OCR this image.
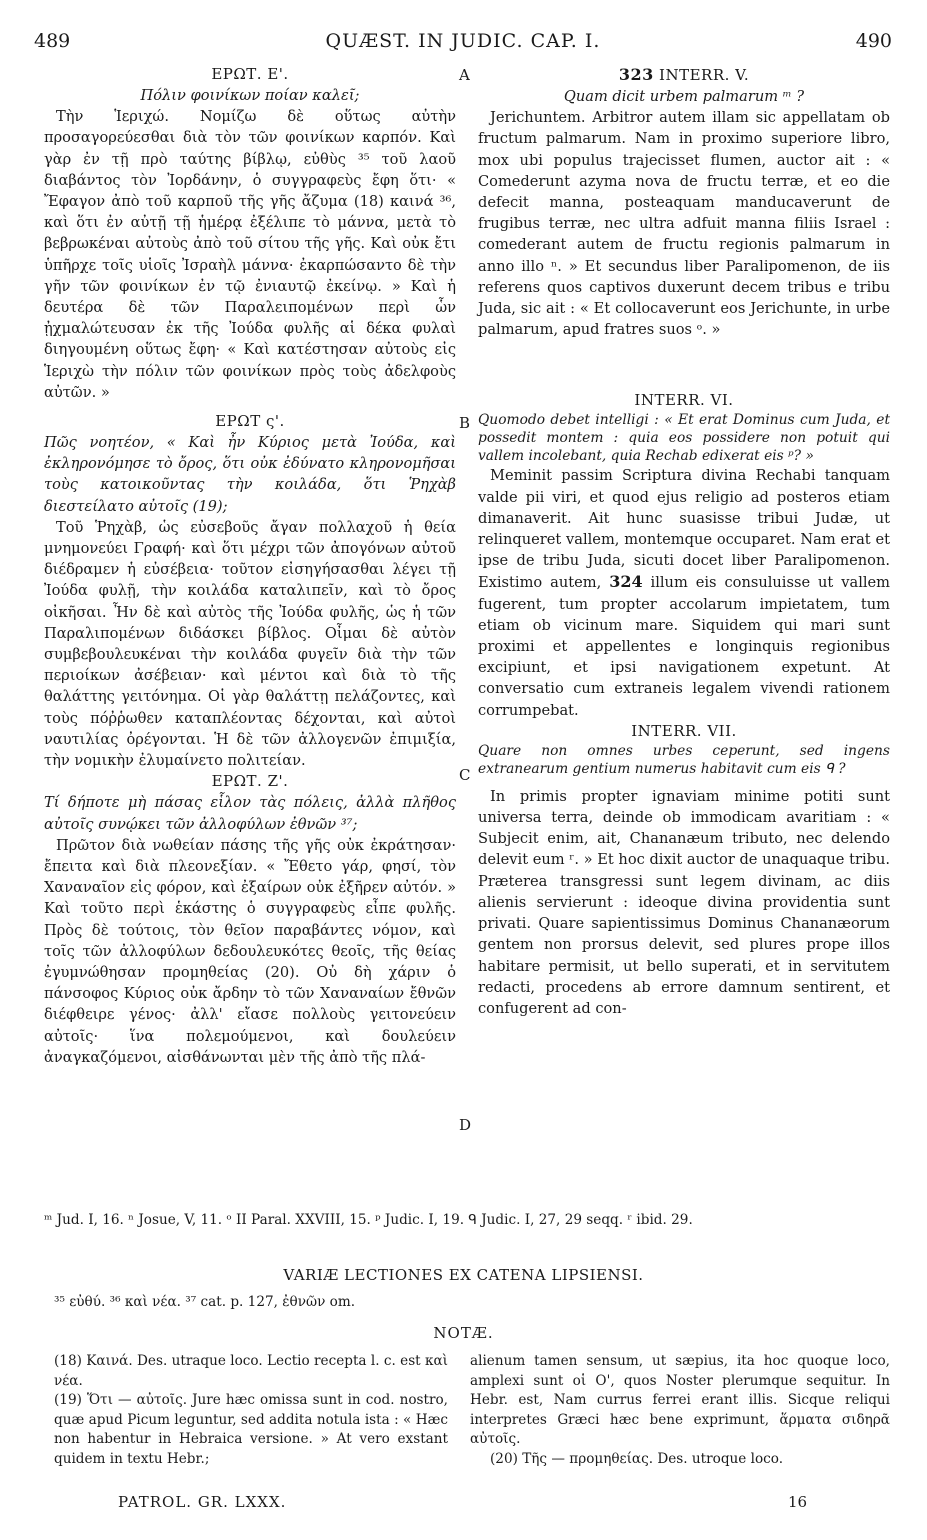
489	QUÆST. IN JUDIC. CAP. I.	490
A
B
C
D
ΕΡΩΤ. Ε'.
Πόλιν φοινίκων ποίαν καλεῖ;

Τὴν Ἱεριχώ. Νομίζω δὲ οὕτως αὐτὴν προσαγορεύεσθαι διὰ τὸν τῶν φοινίκων καρπόν. Καὶ γὰρ ἐν τῇ πρὸ ταύτης βίβλῳ, εὐθὺς ³⁵ τοῦ λαοῦ διαβάντος τὸν Ἰορδάνην, ὁ συγγραφεὺς ἔφη ὅτι· « Ἔφαγον ἀπὸ τοῦ καρποῦ τῆς γῆς ἄζυμα (18) καινά ³⁶, καὶ ὅτι ἐν αὐτῇ τῇ ἡμέρᾳ ἐξέλιπε τὸ μάννα, μετὰ τὸ βεβρωκέναι αὐτοὺς ἀπὸ τοῦ σίτου τῆς γῆς. Καὶ οὐκ ἔτι ὑπῆρχε τοῖς υἱοῖς Ἰσραὴλ μάννα· ἐκαρπώσαντο δὲ τὴν γῆν τῶν φοινίκων ἐν τῷ ἐνιαυτῷ ἐκείνῳ. » Καὶ ἡ δευτέρα δὲ τῶν Παραλειπομένων περὶ ὧν ᾐχμαλώτευσαν ἐκ τῆς Ἰούδα φυλῆς αἱ δέκα φυλαὶ διηγουμένη οὕτως ἔφη· « Καὶ κατέστησαν αὐτοὺς εἰς Ἱεριχὼ τὴν πόλιν τῶν φοινίκων πρὸς τοὺς ἀδελφοὺς αὐτῶν. »

ΕΡΩΤ ς'.
Πῶς νοητέον, « Καὶ ἦν Κύριος μετὰ Ἰούδα, καὶ ἐκληρονόμησε τὸ ὄρος, ὅτι οὐκ ἐδύνατο κληρονομῆσαι τοὺς κατοικοῦντας τὴν κοιλάδα, ὅτι Ῥηχὰβ διεστείλατο αὐτοῖς (19);

Τοῦ Ῥηχὰβ, ὡς εὐσεβοῦς ἄγαν πολλαχοῦ ἡ θεία μνημονεύει Γραφή· καὶ ὅτι μέχρι τῶν ἀπογόνων αὐτοῦ διέδραμεν ἡ εὐσέβεια· τοῦτον εἰσηγήσασθαι λέγει τῇ Ἰούδα φυλῇ, τὴν κοιλάδα καταλιπεῖν, καὶ τὸ ὄρος οἰκῆσαι. Ἦν δὲ καὶ αὐτὸς τῆς Ἰούδα φυλῆς, ὡς ἡ τῶν Παραλιπομένων διδάσκει βίβλος. Οἶμαι δὲ αὐτὸν συμβεβουλευκέναι τὴν κοιλάδα φυγεῖν διὰ τὴν τῶν περιοίκων ἀσέβειαν· καὶ μέντοι καὶ διὰ τὸ τῆς θαλάττης γειτόνημα. Οἱ γὰρ θαλάττῃ πελάζοντες, καὶ τοὺς πόῤῥωθεν καταπλέοντας δέχονται, καὶ αὐτοὶ ναυτιλίας ὀρέγονται. Ἡ δὲ τῶν ἀλλογενῶν ἐπιμιξία, τὴν νομικὴν ἐλυμαίνετο πολιτείαν.

ΕΡΩΤ. Ζ'.
Τί δήποτε μὴ πάσας εἷλον τὰς πόλεις, ἀλλὰ πλῆθος αὐτοῖς συνῴκει τῶν ἀλλοφύλων ἐθνῶν ³⁷;

Πρῶτον διὰ νωθείαν πάσης τῆς γῆς οὐκ ἐκράτησαν· ἔπειτα καὶ διὰ πλεονεξίαν. « Ἔθετο γάρ, φησί, τὸν Χαναναῖον εἰς φόρον, καὶ ἐξαίρων οὐκ ἐξῆρεν αὐτόν. » Καὶ τοῦτο περὶ ἑκάστης ὁ συγγραφεὺς εἶπε φυλῆς. Πρὸς δὲ τούτοις, τὸν θεῖον παραβάντες νόμον, καὶ τοῖς τῶν ἀλλοφύλων δεδουλευκότες θεοῖς, τῆς θείας ἐγυμνώθησαν προμηθείας (20). Οὐ δὴ χάριν ὁ πάνσοφος Κύριος οὐκ ἄρδην τὸ τῶν Χαναναίων ἔθνῶν διέφθειρε γένος· ἀλλ' εἴασε πολλοὺς γειτονεύειν αὐτοῖς· ἵνα πολεμούμενοι, καὶ δουλεύειν ἀναγκαζόμενοι, αἰσθάνωνται μὲν τῆς ἀπὸ τῆς πλά-

323 INTERR. V.
Quam dicit urbem palmarum ᵐ ?

Jerichuntem. Arbitror autem illam sic appellatam ob fructum palmarum. Nam in proximo superiore libro, mox ubi populus trajecisset flumen, auctor ait : « Comederunt azyma nova de fructu terræ, et eo die defecit manna, posteaquam manducaverunt de frugibus terræ, nec ultra adfuit manna filiis Israel : comederant autem de fructu regionis palmarum in anno illo ⁿ. » Et secundus liber Paralipomenon, de iis referens quos captivos duxerunt decem tribus e tribu Juda, sic ait : « Et collocaverunt eos Jerichunte, in urbe palmarum, apud fratres suos ᵒ. »

INTERR. VI.
Quomodo debet intelligi : « Et erat Dominus cum Juda, et possedit montem : quia eos possidere non potuit qui vallem incolebant, quia Rechab edixerat eis ᵖ? »

Meminit passim Scriptura divina Rechabi tanquam valde pii viri, et quod ejus religio ad posteros etiam dimanaverit. Ait hunc suasisse tribui Judæ, ut relinqueret vallem, montemque occuparet. Nam erat et ipse de tribu Juda, sicuti docet liber Paralipomenon. Existimo autem, 324 illum eis consuluisse ut vallem fugerent, tum propter accolarum impietatem, tum etiam ob vicinum mare. Siquidem qui mari sunt proximi et appellentes e longinquis regionibus excipiunt, et ipsi navigationem expetunt. At conversatio cum extraneis legalem vivendi rationem corrumpebat.

INTERR. VII.
Quare non omnes urbes ceperunt, sed ingens extranearum gentium numerus habitavit cum eis ᑫ ?

In primis propter ignaviam minime potiti sunt universa terra, deinde ob immodicam avaritiam : « Subjecit enim, ait, Chananæum tributo, nec delendo delevit eum ʳ. » Et hoc dixit auctor de unaquaque tribu. Præterea transgressi sunt legem divinam, ac diis alienis servierunt : ideoque divina providentia sunt privati. Quare sapientissimus Dominus Chananæorum gentem non prorsus delevit, sed plures prope illos habitare permisit, ut bello superati, et in servitutem redacti, procedens ab errore damnum sentirent, et confugerent ad con-

ᵐ Jud. I, 16. ⁿ Josue, V, 11. ᵒ II Paral. XXVIII, 15. ᵖ Judic. I, 19. ᑫ Judic. I, 27, 29 seqq. ʳ ibid. 29.
VARIÆ LECTIONES EX CATENA LIPSIENSI.
³⁵ εὐθύ. ³⁶ καὶ νέα. ³⁷ cat. p. 127, ἐθνῶν om.
NOTÆ.

(18) Καινά. Des. utraque loco. Lectio recepta l. c. est καὶ νέα.

(19) Ὅτι — αὐτοῖς. Jure hæc omissa sunt in cod. nostro, quæ apud Picum leguntur, sed addita notula ista : « Hæc non habentur in Hebraica versione. » At vero exstant quidem in textu Hebr.;

alienum tamen sensum, ut sæpius, ita hoc quoque loco, amplexi sunt οἱ Ο', quos Noster plerumque sequitur. In Hebr. est, Nam currus ferrei erant illis. Sicque reliqui interpretes Græci hæc bene exprimunt, ἅρματα σιδηρᾶ αὐτοῖς.

(20) Τῆς — προμηθείας. Des. utroque loco.

PATROL. GR. LXXX.	16
